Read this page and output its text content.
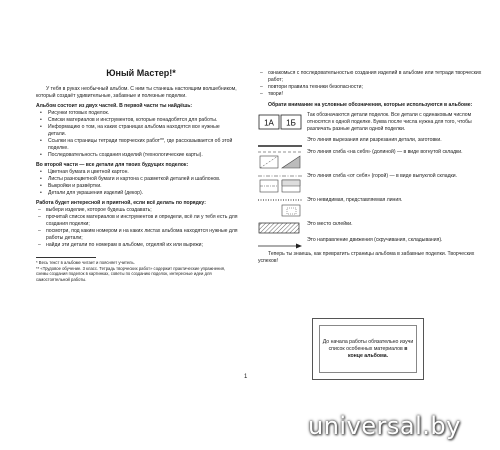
Юный Мастер!*

У тебя в руках необычный альбом. С ним ты станешь настоящим волшебником, который создаёт удивительные, забавные и полезные поделки.

Альбом состоит из двух частей. В первой части ты найдёшь:

• Рисунки готовых поделок.
• Списки материалов и инструментов, которые понадобятся для работы.
• Информацию о том, на каких страницах альбома находятся все нужные детали.
• Ссылки на страницы тетради творческих работ**, где рассказывается об этой поделке.
• Последовательность создания изделий (технологические карты).

Во второй части — все детали для твоих будущих поделок:

• Цветная бумага и цветной картон.
• Листы разноцветной бумаги и картона с разметкой деталей и шаблонов.
• Выкройки и развёртки.
• Детали для украшения изделий (декор).

Работа будет интересной и приятной, если всё делать по порядку:

– выбери изделие, которое будешь создавать;
– прочитай список материалов и инструментов и определи, всё ли у тебя есть для создания поделки;
– посмотри, под каким номером и на каких листах альбома находятся нужные для работы детали;
– найди эти детали по номерам в альбоме, отделяй их или вырежи;

* Весь текст в альбоме читает и поясняет учитель.

** «Трудовое обучение. 3 класс. Тетрадь творческих работ» содержит практические упражнения, схемы создания поделок в картинках, советы по созданию поделок, интересные идеи для самостоятельной работы.

1
– ознакомься с последовательностью создания изделий в альбоме или тетради творческих работ;
– повтори правила техники безопасности;
– твори!

Обрати внимание на условные обозначения, которые используются в альбоме:

1А 1Б

Так обозначаются детали поделок. Все детали с одинаковым числом относятся к одной поделке. Буква после числа нужна для того, чтобы различать разные детали одной поделки.

Это линия вырезания или разрезания детали, заготовки.

Это линия сгиба «на себя» (долиной) — в виде вогнутой складки.

Это линия сгиба «от себя» (горой) — в виде выпуклой складки.

Это невидимая, представляемая линия.

Это место склейки.

Это направление движения (скручивания, складывания).

Теперь ты знаешь, как превратить страницы альбома в забавные поделки. Творческих успехов!

До начала работы обязательно изучи список особенных материалов в конце альбома.
universal.by
